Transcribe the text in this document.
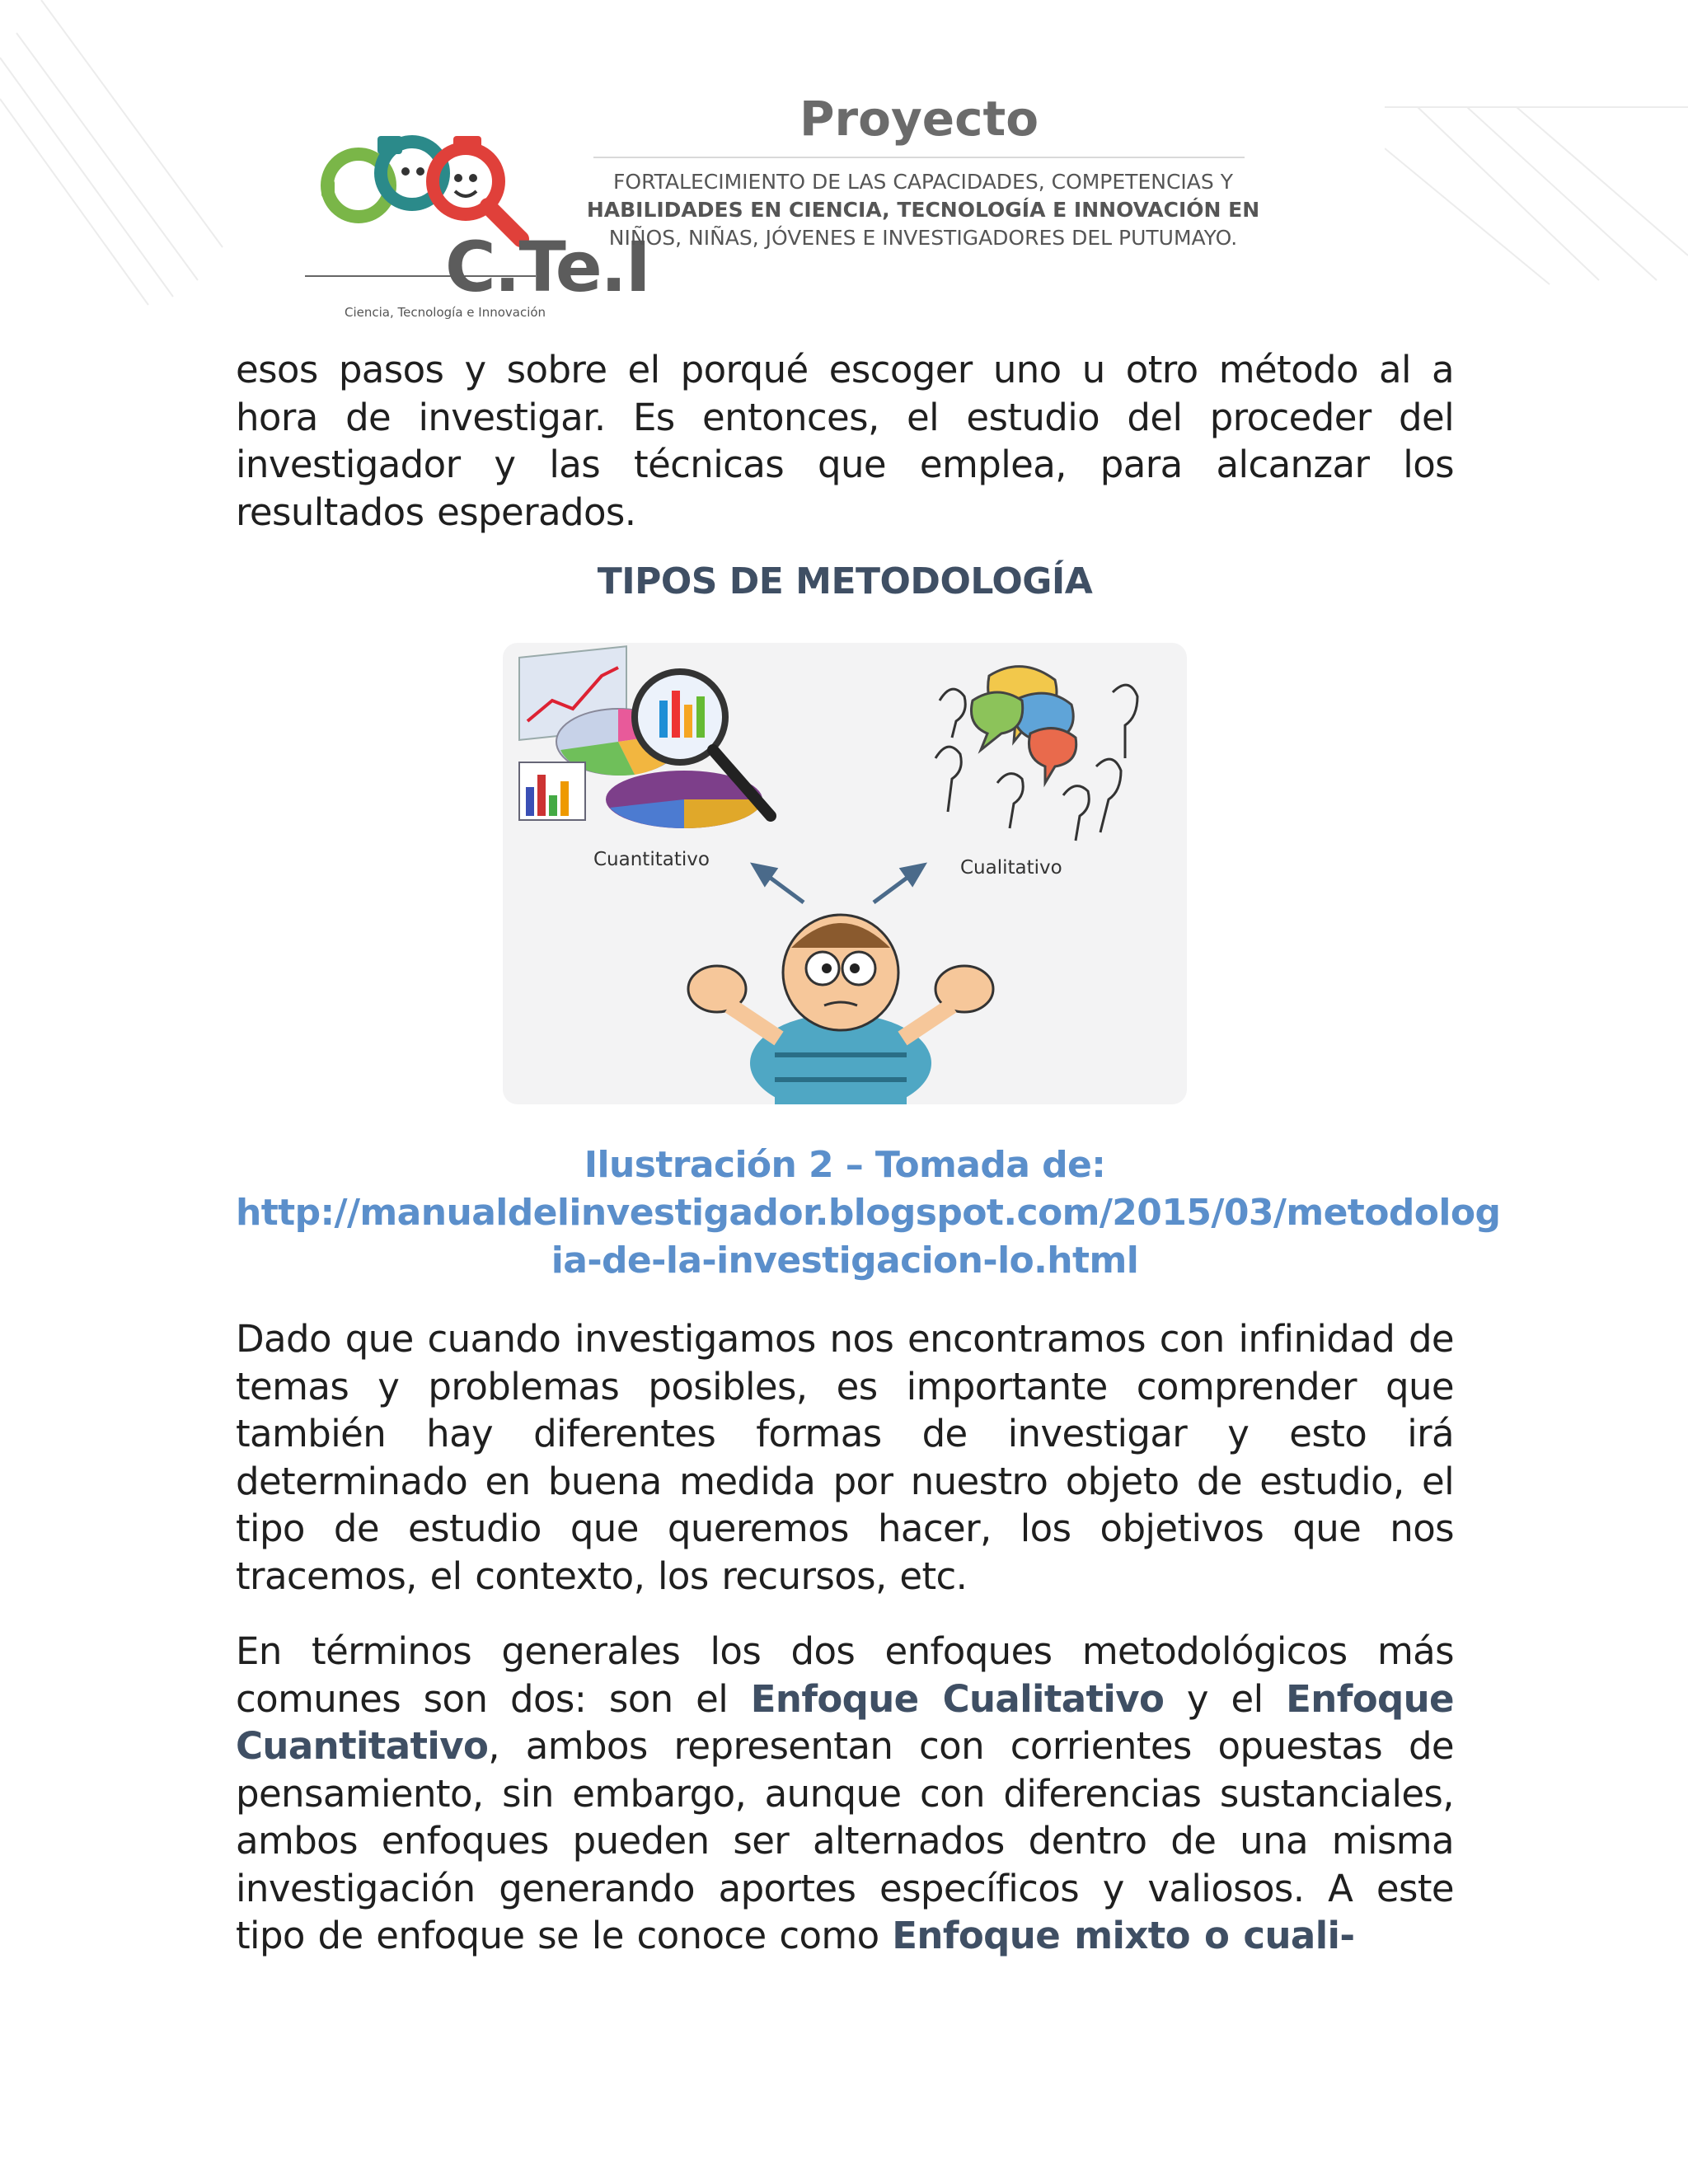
C.Te.I
Ciencia, Tecnología e Innovación
Proyecto
FORTALECIMIENTO DE LAS CAPACIDADES, COMPETENCIAS Y
HABILIDADES EN CIENCIA, TECNOLOGÍA E INNOVACIÓN EN
NIÑOS, NIÑAS, JÓVENES E INVESTIGADORES DEL PUTUMAYO.

esos pasos y sobre el porqué escoger uno u otro método al a hora de investigar. Es entonces, el estudio del proceder del investigador y las técnicas que emplea, para alcanzar los resultados esperados.

TIPOS DE METODOLOGÍA
Cuantitativo	Cualitativo
Ilustración 2 – Tomada de:
http://manualdelinvestigador.blogspot.com/2015/03/metodolog
ia-de-la-investigacion-lo.html

Dado que cuando investigamos nos encontramos con infinidad de temas y problemas posibles, es importante comprender que también hay diferentes formas de investigar y esto irá determinado en buena medida por nuestro objeto de estudio, el tipo de estudio que queremos hacer, los objetivos que nos tracemos, el contexto, los recursos, etc.

En términos generales los dos enfoques metodológicos más comunes son dos: son el Enfoque Cualitativo y el Enfoque Cuantitativo, ambos representan con corrientes opuestas de pensamiento, sin embargo, aunque con diferencias sustanciales, ambos enfoques pueden ser alternados dentro de una misma investigación generando aportes específicos y valiosos. A este tipo de enfoque se le conoce como Enfoque mixto o cuali-
